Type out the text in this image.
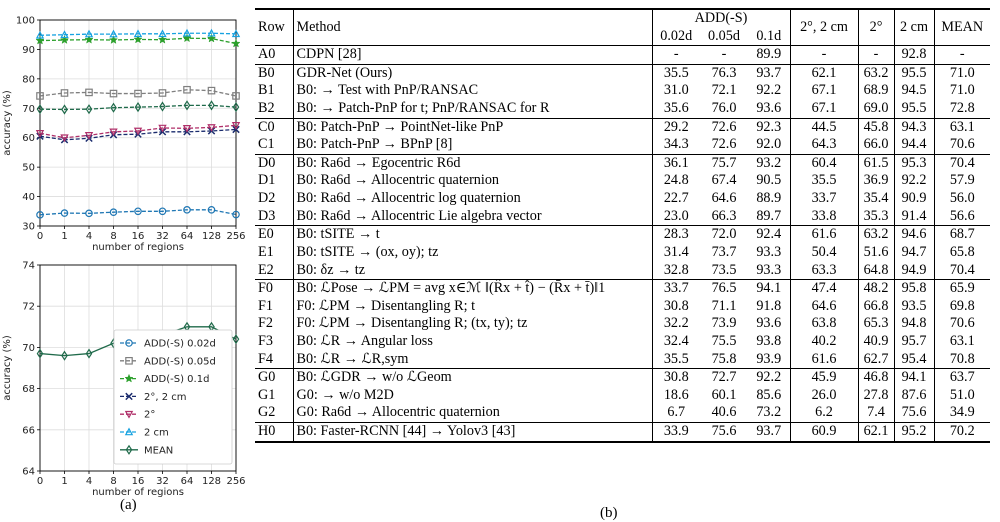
30
40
50
60
70
80
90
100
0 1 4 8 16 32 64 128 256
number of regions
accuracy (%)
64
66
68
70
72
74
0 1 4 8 16 32 64 128 256
number of regions
accuracy (%)	ADD(-S) 0.02d
ADD(-S) 0.05d
ADD(-S) 0.1d
2°, 2 cm
2°
2 cm
MEAN
(a)
Row	Method	ADD(-S)			2°, 2 cm	2°	2 cm	MEAN
		0.02d	0.05d	0.1d				
A0	CDPN [28]	-	-	89.9	-	-	92.8	-
B0	GDR-Net (Ours)	35.5	76.3	93.7	62.1	63.2	95.5	71.0
B1	B0: → Test with PnP/RANSAC	31.0	72.1	92.2	67.1	68.9	94.5	71.0
B2	B0: → Patch-PnP for t; PnP/RANSAC for R	35.6	76.0	93.6	67.1	69.0	95.5	72.8
C0	B0: Patch-PnP → PointNet-like PnP	29.2	72.6	92.3	44.5	45.8	94.3	63.1
C1	B0: Patch-PnP → BPnP [8]	34.3	72.6	92.0	64.3	66.0	94.4	70.6
D0	B0: Ra6d → Egocentric R6d	36.1	75.7	93.2	60.4	61.5	95.3	70.4
D1	B0: Ra6d → Allocentric quaternion	24.8	67.4	90.5	35.5	36.9	92.2	57.9
D2	B0: Ra6d → Allocentric log quaternion	22.7	64.6	88.9	33.7	35.4	90.9	56.0
D3	B0: Ra6d → Allocentric Lie algebra vector	23.0	66.3	89.7	33.8	35.3	91.4	56.6
E0	B0: tSITE → t	28.3	72.0	92.4	61.6	63.2	94.6	68.7
E1	B0: tSITE → (ox, oy); tz	31.4	73.7	93.3	50.4	51.6	94.7	65.8
E2	B0: δz → tz	32.8	73.5	93.3	63.3	64.8	94.9	70.4
F0	B0: ℒPose → ℒPM = avg x∈ℳ ‖(R̂x + t̂) − (R̄x + t̄)‖1	33.7	76.5	94.1	47.4	48.2	95.8	65.9
F1	F0: ℒPM → Disentangling R; t	30.8	71.1	91.8	64.6	66.8	93.5	69.8
F2	F0: ℒPM → Disentangling R; (tx, ty); tz	32.2	73.9	93.6	63.8	65.3	94.8	70.6
F3	B0: ℒR → Angular loss	32.4	75.5	93.8	40.2	40.9	95.7	63.1
F4	B0: ℒR → ℒR,sym	35.5	75.8	93.9	61.6	62.7	95.4	70.8
G0	B0: ℒGDR → w/o ℒGeom	30.8	72.7	92.2	45.9	46.8	94.1	63.7
G1	G0: → w/o M2D	18.6	60.1	85.6	26.0	27.8	87.6	51.0
G2	G0: Ra6d → Allocentric quaternion	6.7	40.6	73.2	6.2	7.4	75.6	34.9
H0	B0: Faster-RCNN [44] → Yolov3 [43]	33.9	75.6	93.7	60.9	62.1	95.2	70.2
(b)
